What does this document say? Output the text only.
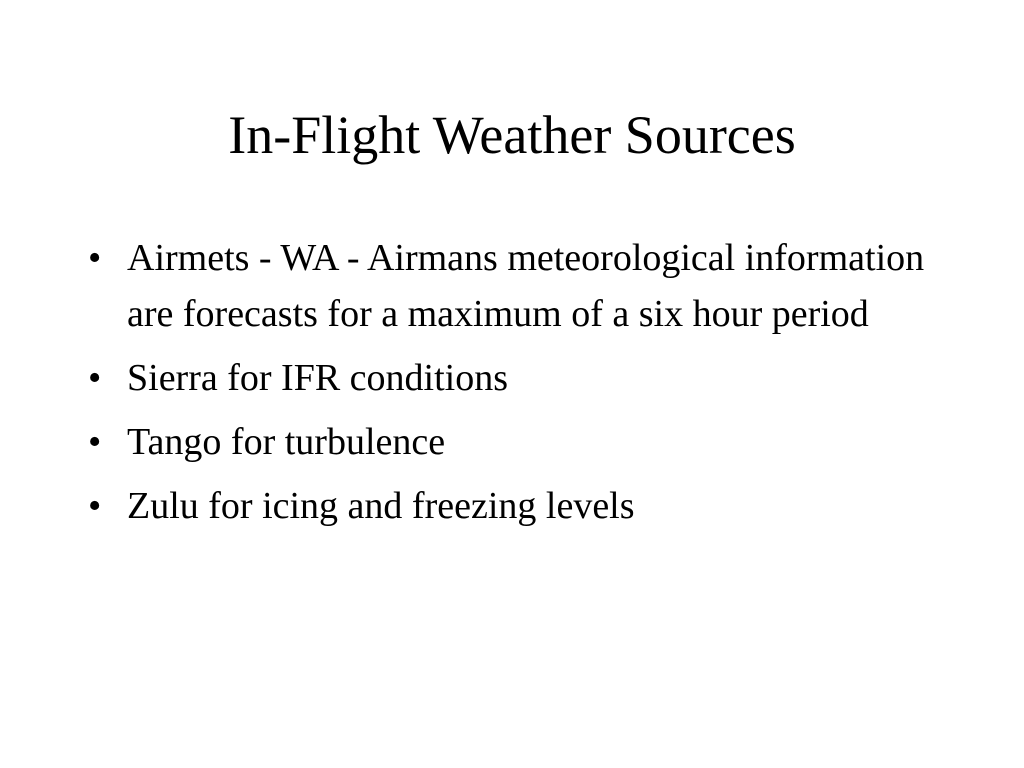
In-Flight Weather Sources
• Airmets - WA - Airmans meteorological information are forecasts for a maximum of a six hour period
• Sierra for IFR conditions
• Tango for turbulence
• Zulu for icing and freezing levels
